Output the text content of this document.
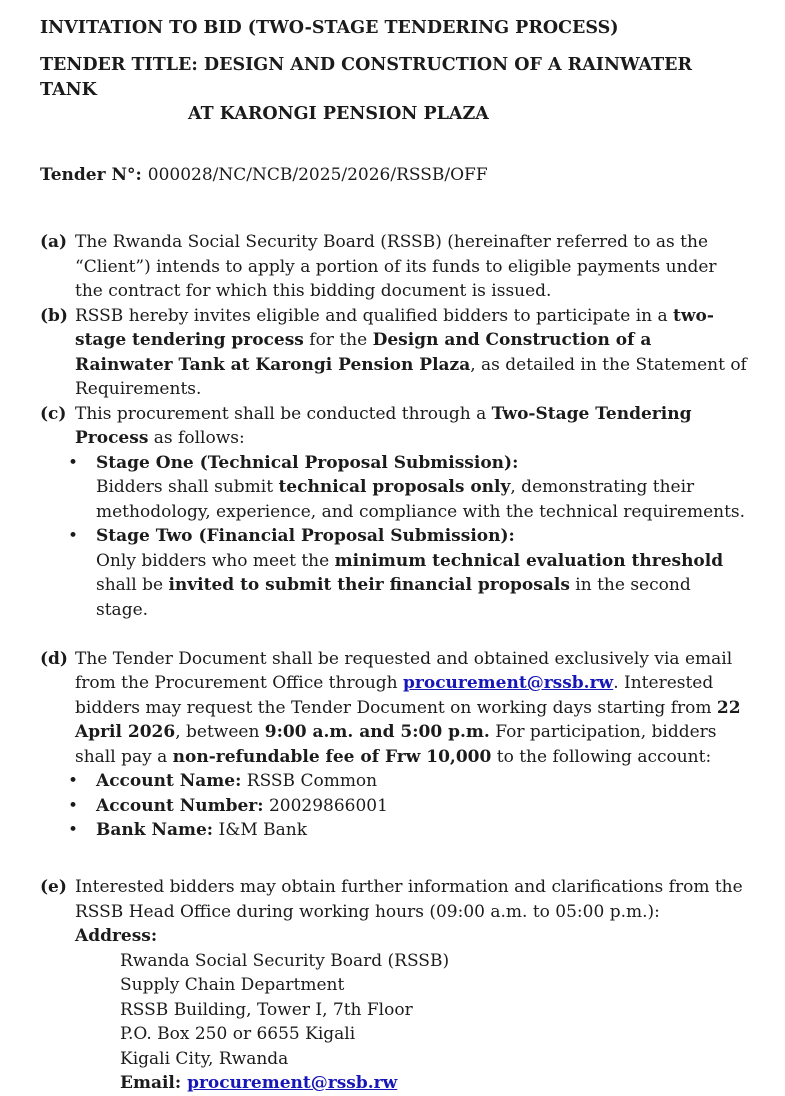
INVITATION TO BID (TWO-STAGE TENDERING PROCESS)
TENDER TITLE: DESIGN AND CONSTRUCTION OF A RAINWATER TANK
AT KARONGI PENSION PLAZA
Tender N°: 000028/NC/NCB/2025/2026/RSSB/OFF
(a) The Rwanda Social Security Board (RSSB) (hereinafter referred to as the “Client”) intends to apply a portion of its funds to eligible payments under the contract for which this bidding document is issued.

(b) RSSB hereby invites eligible and qualified bidders to participate in a two-stage tendering process for the Design and Construction of a Rainwater Tank at Karongi Pension Plaza, as detailed in the Statement of Requirements.

(c) This procurement shall be conducted through a Two-Stage Tendering Process as follows:

•	Stage One (Technical Proposal Submission):
Bidders shall submit technical proposals only, demonstrating their methodology, experience, and compliance with the technical requirements.
•	Stage Two (Financial Proposal Submission):
Only bidders who meet the minimum technical evaluation threshold shall be invited to submit their financial proposals in the second stage.
(d) The Tender Document shall be requested and obtained exclusively via email from the Procurement Office through procurement@rssb.rw. Interested bidders may request the Tender Document on working days starting from 22 April 2026, between 9:00 a.m. and 5:00 p.m. For participation, bidders shall pay a non-refundable fee of Frw 10,000 to the following account:

•	Account Name: RSSB Common
•	Account Number: 20029866001
•	Bank Name: I&M Bank
(e) Interested bidders may obtain further information and clarifications from the RSSB Head Office during working hours (09:00 a.m. to 05:00 p.m.):
Address:

Rwanda Social Security Board (RSSB)
Supply Chain Department
RSSB Building, Tower I, 7th Floor
P.O. Box 250 or 6655 Kigali
Kigali City, Rwanda
Email: procurement@rssb.rw
